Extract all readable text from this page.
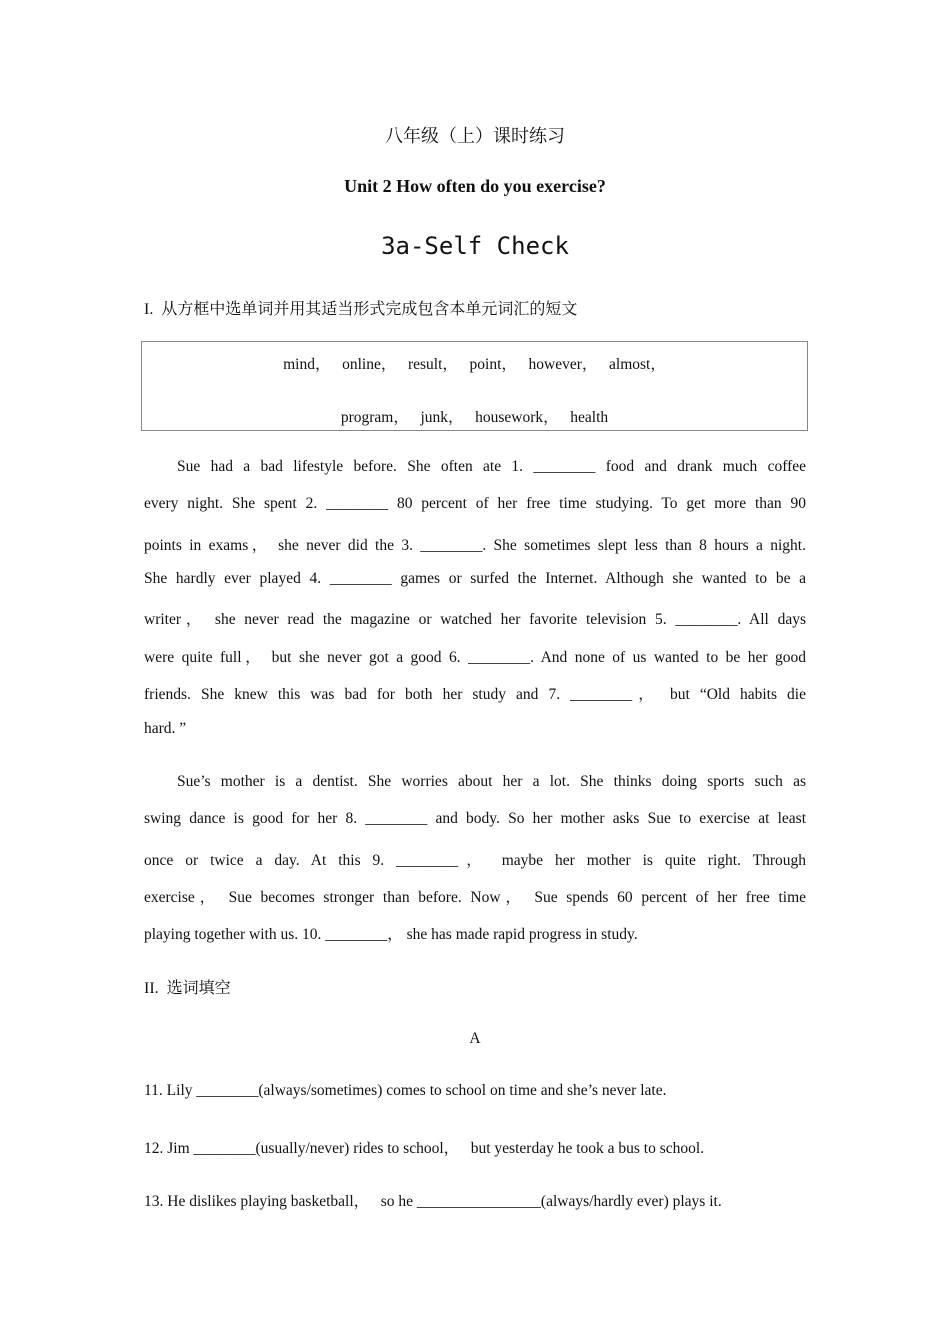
八年级（上）课时练习
Unit 2 How often do you exercise?
3a-Self Check
I. 从方框中选单词并用其适当形式完成包含本单元词汇的短文
mind，   online，   result，   point，   however，   almost，
program，   junk，   housework，   health
Sue had a bad lifestyle before. She often ate 1. ________ food and drank much coffee
every night. She spent 2. ________ 80 percent of her free time studying. To get more than 90
points in exams， she never did the 3. ________. She sometimes slept less than 8 hours a night.
She hardly ever played 4. ________ games or surfed the Internet. Although she wanted to be a
writer， she never read the magazine or watched her favorite television 5. ________. All days
were quite full， but she never got a good 6. ________. And none of us wanted to be her good
friends. She knew this was bad for both her study and 7. ________， but “Old habits die
hard. ”
Sue’s mother is a dentist. She worries about her a lot. She thinks doing sports such as
swing dance is good for her 8. ________ and body. So her mother asks Sue to exercise at least
once or twice a day. At this 9. ________， maybe her mother is quite right. Through
exercise， Sue becomes stronger than before. Now， Sue spends 60 percent of her free time
playing together with us. 10. ________， she has made rapid progress in study.
II. 选词填空
A
11. Lily ________(always/sometimes) comes to school on time and she’s never late.
12. Jim ________(usually/never) rides to school，   but yesterday he took a bus to school.
13. He dislikes playing basketball，   so he ________________(always/hardly ever) plays it.
